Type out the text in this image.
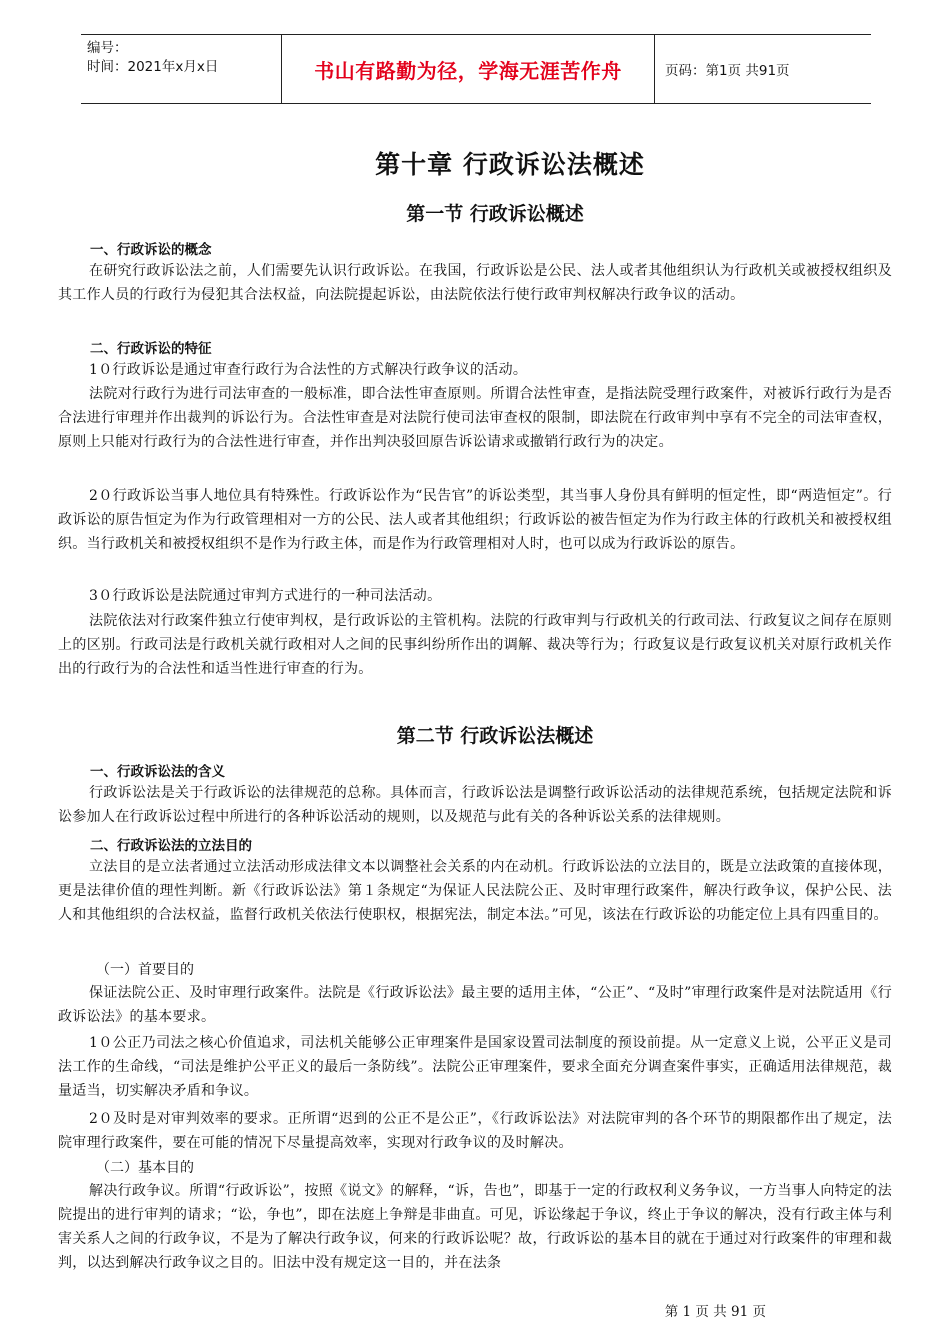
编号：
时间：2021年x月x日	书山有路勤为径，学海无涯苦作舟	页码：第1页 共91页
第十章 行政诉讼法概述
第一节 行政诉讼概述
一、行政诉讼的概念
在研究行政诉讼法之前，人们需要先认识行政诉讼。在我国，行政诉讼是公民、法人或者其他组织认为行政机关或被授权组织及其工作人员的行政行为侵犯其合法权益，向法院提起诉讼，由法院依法行使行政审判权解决行政争议的活动。
二、行政诉讼的特征
1０行政诉讼是通过审查行政行为合法性的方式解决行政争议的活动。
法院对行政行为进行司法审查的一般标准，即合法性审查原则。所谓合法性审查，是指法院受理行政案件，对被诉行政行为是否合法进行审理并作出裁判的诉讼行为。合法性审查是对法院行使司法审查权的限制，即法院在行政审判中享有不完全的司法审查权，原则上只能对行政行为的合法性进行审查，并作出判决驳回原告诉讼请求或撤销行政行为的决定。
2０行政诉讼当事人地位具有特殊性。行政诉讼作为“民告官”的诉讼类型，其当事人身份具有鲜明的恒定性，即“两造恒定”。行政诉讼的原告恒定为作为行政管理相对一方的公民、法人或者其他组织；行政诉讼的被告恒定为作为行政主体的行政机关和被授权组织。当行政机关和被授权组织不是作为行政主体，而是作为行政管理相对人时，也可以成为行政诉讼的原告。
3０行政诉讼是法院通过审判方式进行的一种司法活动。
法院依法对行政案件独立行使审判权，是行政诉讼的主管机构。法院的行政审判与行政机关的行政司法、行政复议之间存在原则上的区别。行政司法是行政机关就行政相对人之间的民事纠纷所作出的调解、裁决等行为；行政复议是行政复议机关对原行政机关作出的行政行为的合法性和适当性进行审查的行为。
第二节 行政诉讼法概述
一、行政诉讼法的含义
行政诉讼法是关于行政诉讼的法律规范的总称。具体而言，行政诉讼法是调整行政诉讼活动的法律规范系统，包括规定法院和诉讼参加人在行政诉讼过程中所进行的各种诉讼活动的规则，以及规范与此有关的各种诉讼关系的法律规则。
二、行政诉讼法的立法目的
立法目的是立法者通过立法活动形成法律文本以调整社会关系的内在动机。行政诉讼法的立法目的，既是立法政策的直接体现，更是法律价值的理性判断。新《行政诉讼法》第１条规定“为保证人民法院公正、及时审理行政案件，解决行政争议，保护公民、法人和其他组织的合法权益，监督行政机关依法行使职权，根据宪法，制定本法。”可见，该法在行政诉讼的功能定位上具有四重目的。
（一）首要目的
保证法院公正、及时审理行政案件。法院是《行政诉讼法》最主要的适用主体，“公正”、“及时”审理行政案件是对法院适用《行政诉讼法》的基本要求。
1０公正乃司法之核心价值追求，司法机关能够公正审理案件是国家设置司法制度的预设前提。从一定意义上说，公平正义是司法工作的生命线，“司法是维护公平正义的最后一条防线”。法院公正审理案件，要求全面充分调查案件事实，正确适用法律规范，裁量适当，切实解决矛盾和争议。
2０及时是对审判效率的要求。正所谓“迟到的公正不是公正”，《行政诉讼法》对法院审判的各个环节的期限都作出了规定，法院审理行政案件，要在可能的情况下尽量提高效率，实现对行政争议的及时解决。
（二）基本目的
解决行政争议。所谓“行政诉讼”，按照《说文》的解释，“诉，告也”，即基于一定的行政权利义务争议，一方当事人向特定的法院提出的进行审判的请求；“讼，争也”，即在法庭上争辩是非曲直。可见，诉讼缘起于争议，终止于争议的解决，没有行政主体与利害关系人之间的行政争议，不是为了解决行政争议，何来的行政诉讼呢？故，行政诉讼的基本目的就在于通过对行政案件的审理和裁判，以达到解决行政争议之目的。旧法中没有规定这一目的，并在法条
第 1 页 共 91 页
